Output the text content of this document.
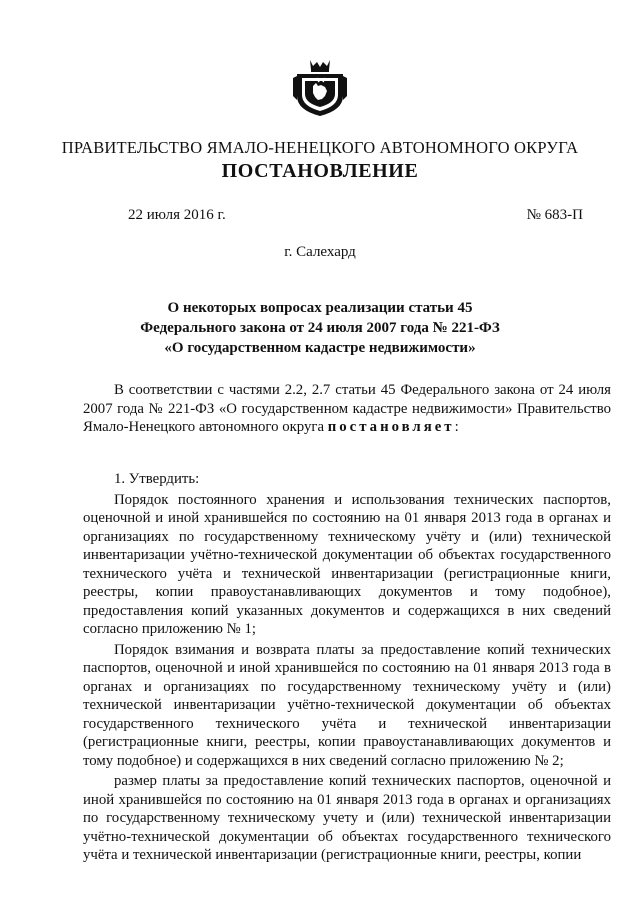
ПРАВИТЕЛЬСТВО ЯМАЛО-НЕНЕЦКОГО АВТОНОМНОГО ОКРУГА
ПОСТАНОВЛЕНИЕ
22 июля 2016 г.	№ 683-П
г. Салехард
О некоторых вопросах реализации статьи 45
Федерального закона от 24 июля 2007 года № 221-ФЗ
«О государственном кадастре недвижимости»

В соответствии с частями 2.2, 2.7 статьи 45 Федерального закона от 24 июля 2007 года № 221-ФЗ «О государственном кадастре недвижимости» Правительство Ямало-Ненецкого автономного округа постановляет:

1. Утвердить:

Порядок постоянного хранения и использования технических паспортов, оценочной и иной хранившейся по состоянию на 01 января 2013 года в органах и организациях по государственному техническому учёту и (или) технической инвентаризации учётно-технической документации об объектах государственного технического учёта и технической инвентаризации (регистрационные книги, реестры, копии правоустанавливающих документов и тому подобное), предоставления копий указанных документов и содержащихся в них сведений согласно приложению № 1;

Порядок взимания и возврата платы за предоставление копий технических паспортов, оценочной и иной хранившейся по состоянию на 01 января 2013 года в органах и организациях по государственному техническому учёту и (или) технической инвентаризации учётно-технической документации об объектах государственного технического учёта и технической инвентаризации (регистрационные книги, реестры, копии правоустанавливающих документов и тому подобное) и содержащихся в них сведений согласно приложению № 2;

размер платы за предоставление копий технических паспортов, оценочной и иной хранившейся по состоянию на 01 января 2013 года в органах и организациях по государственному техническому учету и (или) технической инвентаризации учётно-технической документации об объектах государственного технического учёта и технической инвентаризации (регистрационные книги, реестры, копии
